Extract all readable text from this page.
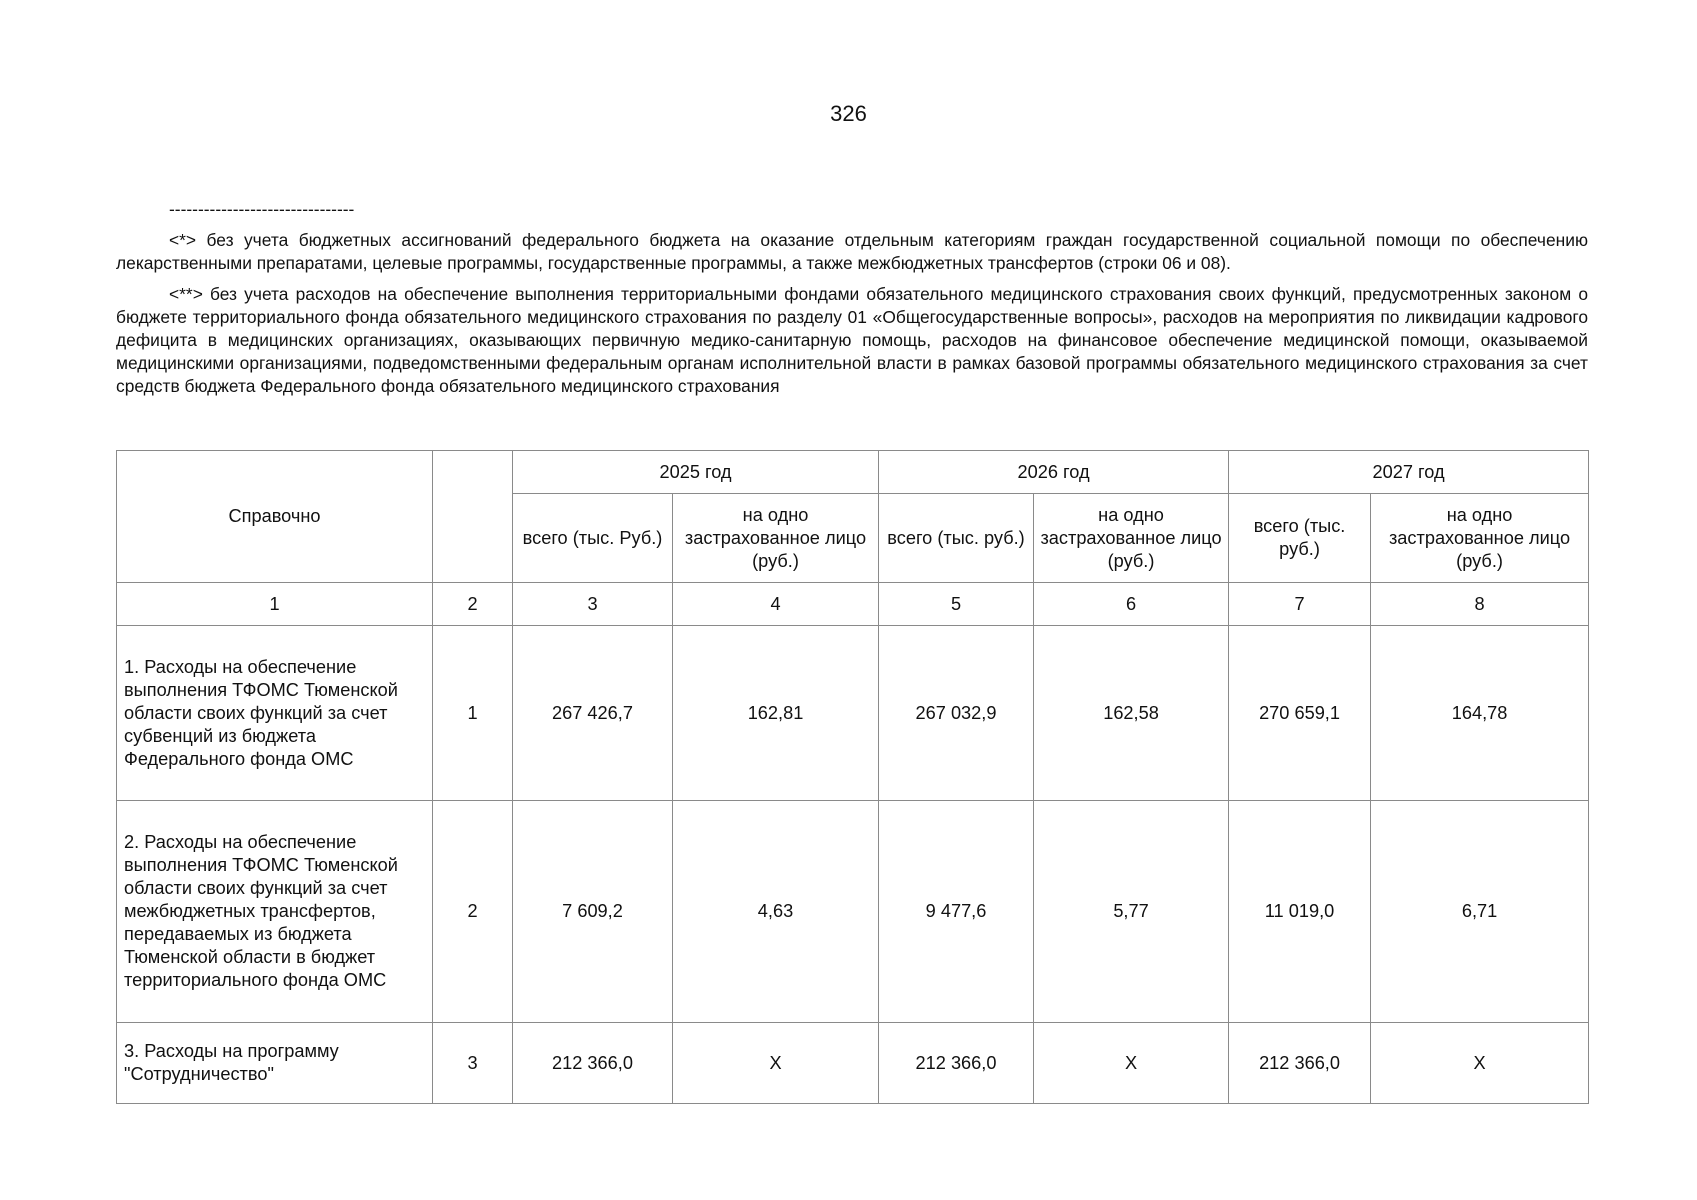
326
--------------------------------

<*> без учета бюджетных ассигнований федерального бюджета на оказание отдельным категориям граждан государственной социальной помощи по обеспечению лекарственными препаратами, целевые программы, государственные программы, а также межбюджетных трансфертов (строки 06 и 08).

<**> без учета расходов на обеспечение выполнения территориальными фондами обязательного медицинского страхования своих функций, предусмотренных законом о бюджете территориального фонда обязательного медицинского страхования по разделу 01 «Общегосударственные вопросы», расходов на мероприятия по ликвидации кадрового дефицита в медицинских организациях, оказывающих первичную медико-санитарную помощь, расходов на финансовое обеспечение медицинской помощи, оказываемой медицинскими организациями, подведомственными федеральным органам исполнительной власти в рамках базовой программы обязательного медицинского страхования за счет средств бюджета Федерального фонда обязательного медицинского страхования

Справочно		2025 год		2026 год		2027 год	
		всего (тыс. Руб.)	на одно застрахованное лицо (руб.)	всего (тыс. руб.)	на одно застрахованное лицо (руб.)	всего (тыс. руб.)	на одно застрахованное лицо (руб.)
1	2	3	4	5	6	7	8
1. Расходы на обеспечение выполнения ТФОМС Тюменской области своих функций за счет субвенций из бюджета Федерального фонда ОМС	1	267 426,7	162,81	267 032,9	162,58	270 659,1	164,78
2. Расходы на обеспечение выполнения ТФОМС Тюменской области своих функций за счет межбюджетных трансфертов, передаваемых из бюджета Тюменской области в бюджет территориального фонда ОМС	2	7 609,2	4,63	9 477,6	5,77	11 019,0	6,71
3. Расходы на программу "Сотрудничество"	3	212 366,0	Х	212 366,0	Х	212 366,0	Х
